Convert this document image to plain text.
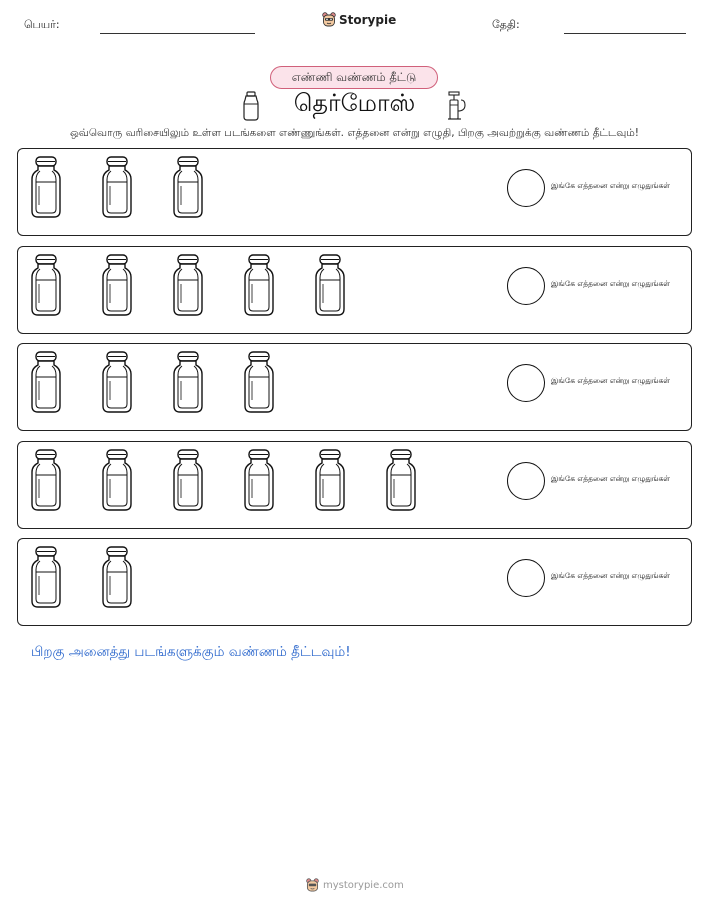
பெயர்:	Storypie	தேதி:
எண்ணி வண்ணம் தீட்டு
தெர்மோஸ்
ஒவ்வொரு வரிசையிலும் உள்ள படங்களை எண்ணுங்கள். எத்தனை என்று எழுதி, பிறகு அவற்றுக்கு வண்ணம் தீட்டவும்!
இங்கே எத்தனை என்று எழுதுங்கள்
இங்கே எத்தனை என்று எழுதுங்கள்
இங்கே எத்தனை என்று எழுதுங்கள்
இங்கே எத்தனை என்று எழுதுங்கள்
இங்கே எத்தனை என்று எழுதுங்கள்
பிறகு அனைத்து படங்களுக்கும் வண்ணம் தீட்டவும்!
mystorypie.com
